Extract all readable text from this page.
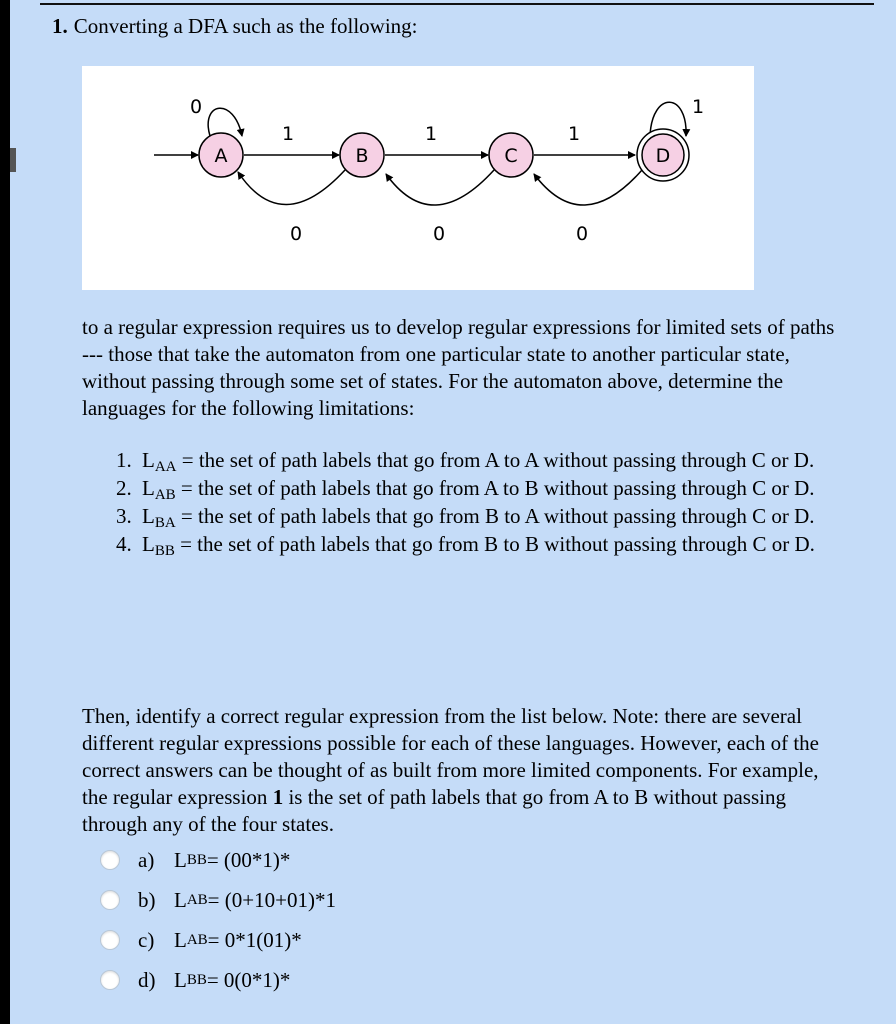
1. Converting a DFA such as the following:
A	B	C	D
0	1
1	1	1
0	0	0
to a regular expression requires us to develop regular expressions for limited sets of paths --- those that take the automaton from one particular state to another particular state, without passing through some set of states. For the automaton above, determine the languages for the following limitations:
1. $L_{AA}$ = the set of path labels that go from A to A without passing through C or D.
2. $L_{AB}$ = the set of path labels that go from A to B without passing through C or D.
3. $L_{BA}$ = the set of path labels that go from B to A without passing through C or D.
4. $L_{BB}$ = the set of path labels that go from B to B without passing through C or D.
Then, identify a correct regular expression from the list below. Note: there are several different regular expressions possible for each of these languages. However, each of the correct answers can be thought of as built from more limited components. For example, the regular expression 1 is the set of path labels that go from A to B without passing through any of the four states.
a) L BB = (00*1)*
b) L AB = (0+10+01)*1
c) L AB = 0*1(01)*
d) L BB = 0(0*1)*
